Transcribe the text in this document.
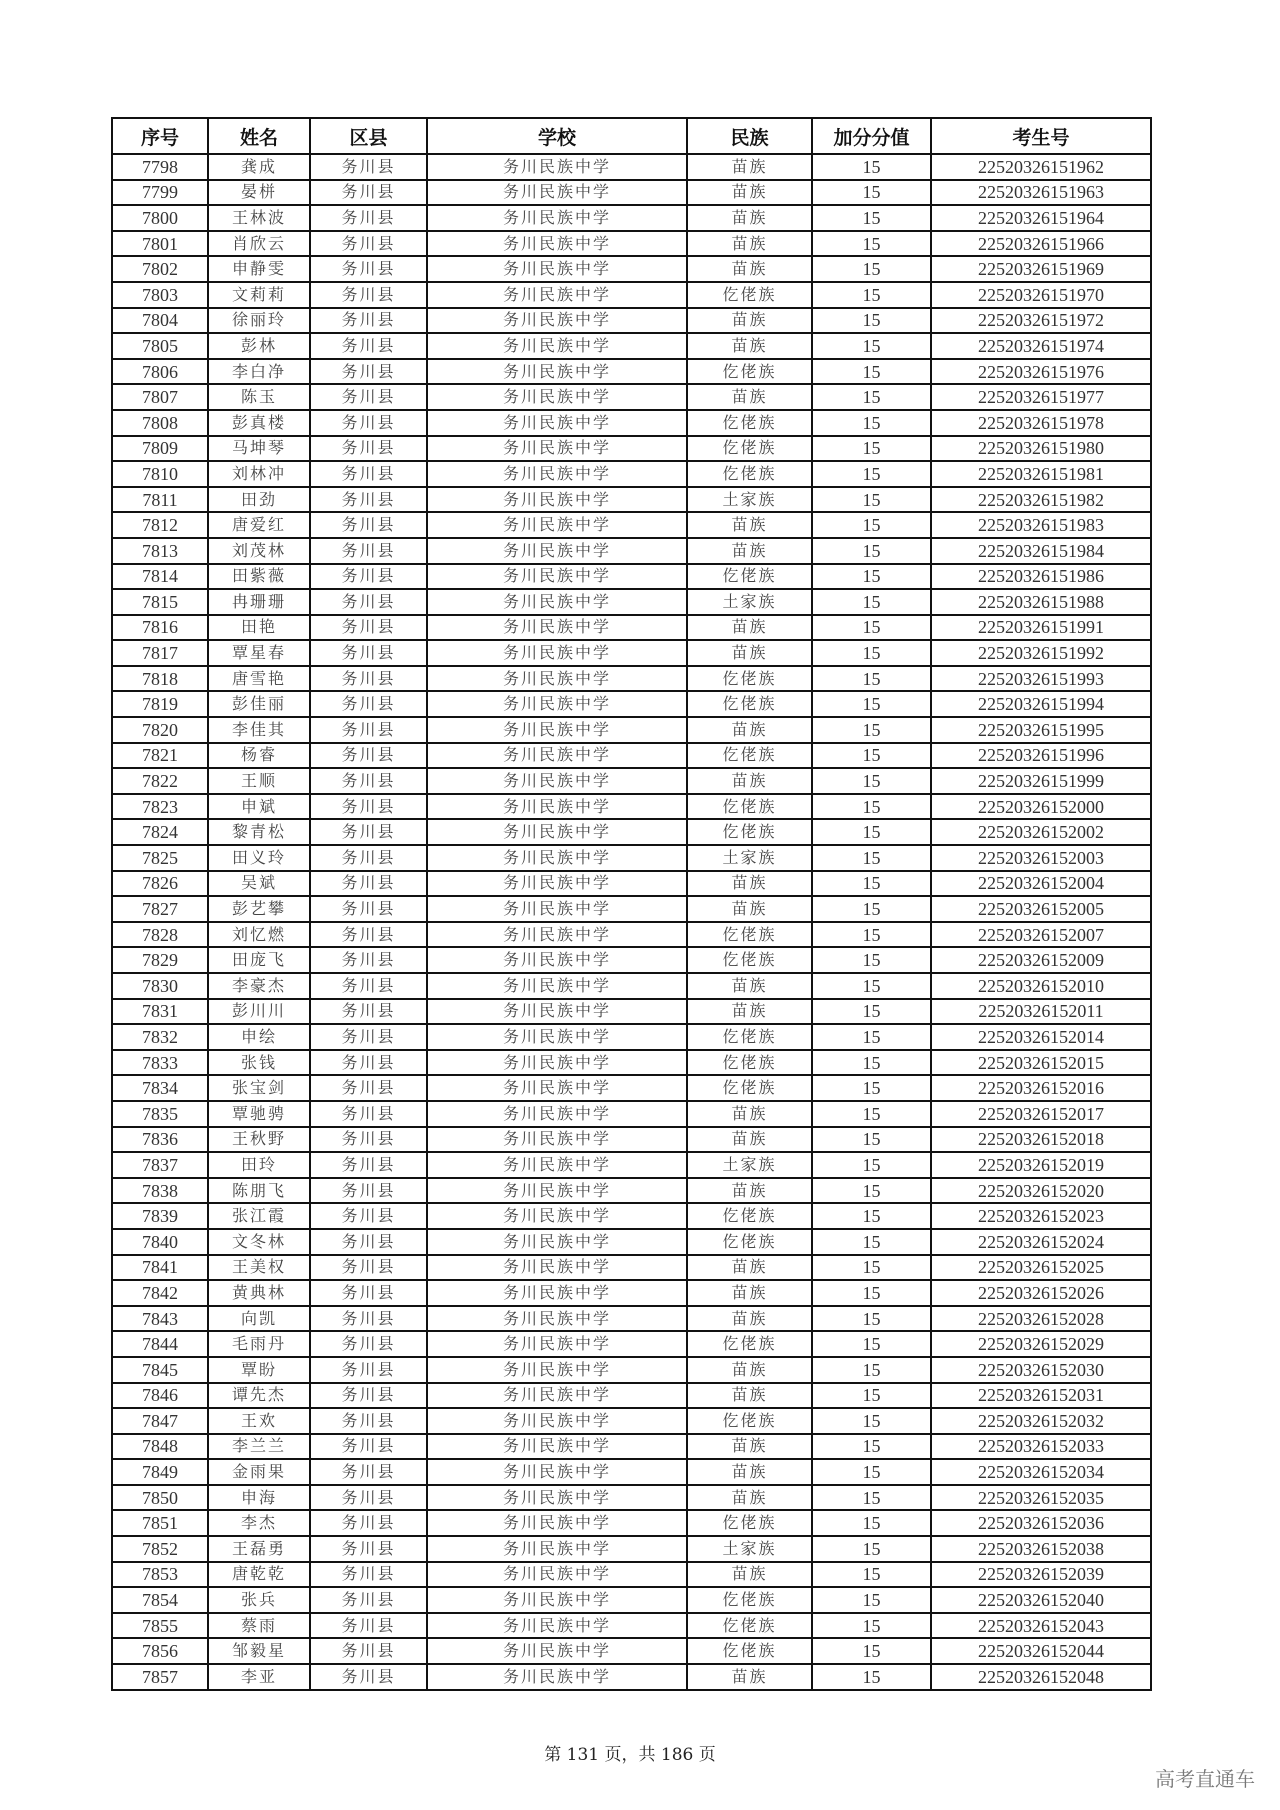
序号	姓名	区县	学校	民族	加分分值	考生号
7798	龚成	务川县	务川民族中学	苗族	15	22520326151962
7799	晏栟	务川县	务川民族中学	苗族	15	22520326151963
7800	王林波	务川县	务川民族中学	苗族	15	22520326151964
7801	肖欣云	务川县	务川民族中学	苗族	15	22520326151966
7802	申静雯	务川县	务川民族中学	苗族	15	22520326151969
7803	文莉莉	务川县	务川民族中学	仡佬族	15	22520326151970
7804	徐丽玲	务川县	务川民族中学	苗族	15	22520326151972
7805	彭林	务川县	务川民族中学	苗族	15	22520326151974
7806	李白净	务川县	务川民族中学	仡佬族	15	22520326151976
7807	陈玉	务川县	务川民族中学	苗族	15	22520326151977
7808	彭真楼	务川县	务川民族中学	仡佬族	15	22520326151978
7809	马坤琴	务川县	务川民族中学	仡佬族	15	22520326151980
7810	刘林冲	务川县	务川民族中学	仡佬族	15	22520326151981
7811	田劲	务川县	务川民族中学	土家族	15	22520326151982
7812	唐爱红	务川县	务川民族中学	苗族	15	22520326151983
7813	刘茂林	务川县	务川民族中学	苗族	15	22520326151984
7814	田紫薇	务川县	务川民族中学	仡佬族	15	22520326151986
7815	冉珊珊	务川县	务川民族中学	土家族	15	22520326151988
7816	田艳	务川县	务川民族中学	苗族	15	22520326151991
7817	覃星春	务川县	务川民族中学	苗族	15	22520326151992
7818	唐雪艳	务川县	务川民族中学	仡佬族	15	22520326151993
7819	彭佳丽	务川县	务川民族中学	仡佬族	15	22520326151994
7820	李佳其	务川县	务川民族中学	苗族	15	22520326151995
7821	杨睿	务川县	务川民族中学	仡佬族	15	22520326151996
7822	王顺	务川县	务川民族中学	苗族	15	22520326151999
7823	申斌	务川县	务川民族中学	仡佬族	15	22520326152000
7824	黎青松	务川县	务川民族中学	仡佬族	15	22520326152002
7825	田义玲	务川县	务川民族中学	土家族	15	22520326152003
7826	吴斌	务川县	务川民族中学	苗族	15	22520326152004
7827	彭艺攀	务川县	务川民族中学	苗族	15	22520326152005
7828	刘忆燃	务川县	务川民族中学	仡佬族	15	22520326152007
7829	田庞飞	务川县	务川民族中学	仡佬族	15	22520326152009
7830	李豪杰	务川县	务川民族中学	苗族	15	22520326152010
7831	彭川川	务川县	务川民族中学	苗族	15	22520326152011
7832	申绘	务川县	务川民族中学	仡佬族	15	22520326152014
7833	张钱	务川县	务川民族中学	仡佬族	15	22520326152015
7834	张宝剑	务川县	务川民族中学	仡佬族	15	22520326152016
7835	覃驰骋	务川县	务川民族中学	苗族	15	22520326152017
7836	王秋野	务川县	务川民族中学	苗族	15	22520326152018
7837	田玲	务川县	务川民族中学	土家族	15	22520326152019
7838	陈朋飞	务川县	务川民族中学	苗族	15	22520326152020
7839	张江霞	务川县	务川民族中学	仡佬族	15	22520326152023
7840	文冬林	务川县	务川民族中学	仡佬族	15	22520326152024
7841	王美权	务川县	务川民族中学	苗族	15	22520326152025
7842	黄典林	务川县	务川民族中学	苗族	15	22520326152026
7843	向凯	务川县	务川民族中学	苗族	15	22520326152028
7844	毛雨丹	务川县	务川民族中学	仡佬族	15	22520326152029
7845	覃盼	务川县	务川民族中学	苗族	15	22520326152030
7846	谭先杰	务川县	务川民族中学	苗族	15	22520326152031
7847	王欢	务川县	务川民族中学	仡佬族	15	22520326152032
7848	李兰兰	务川县	务川民族中学	苗族	15	22520326152033
7849	金雨果	务川县	务川民族中学	苗族	15	22520326152034
7850	申海	务川县	务川民族中学	苗族	15	22520326152035
7851	李杰	务川县	务川民族中学	仡佬族	15	22520326152036
7852	王磊勇	务川县	务川民族中学	土家族	15	22520326152038
7853	唐乾乾	务川县	务川民族中学	苗族	15	22520326152039
7854	张兵	务川县	务川民族中学	仡佬族	15	22520326152040
7855	蔡雨	务川县	务川民族中学	仡佬族	15	22520326152043
7856	邹毅星	务川县	务川民族中学	仡佬族	15	22520326152044
7857	李亚	务川县	务川民族中学	苗族	15	22520326152048
第 131 页，共 186 页
高考直通车
